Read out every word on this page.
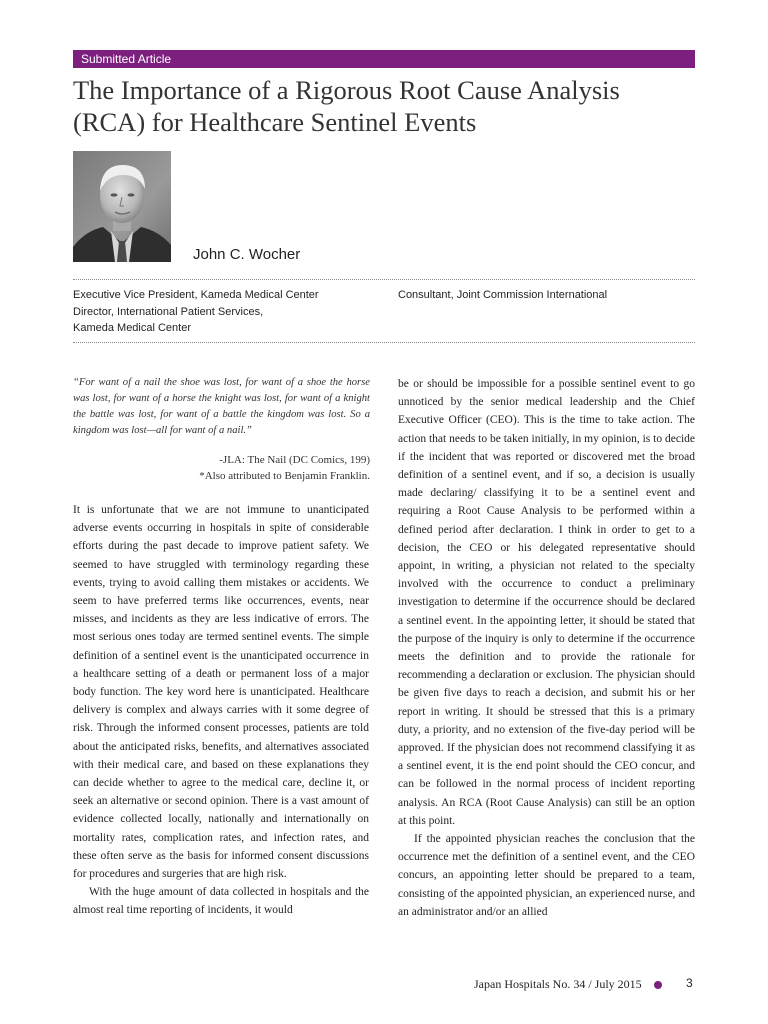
Submitted Article
The Importance of a Rigorous Root Cause Analysis
(RCA) for Healthcare Sentinel Events
John C. Wocher
Executive Vice President, Kameda Medical Center
Director, International Patient Services,
Kameda Medical Center
Consultant, Joint Commission International
“For want of a nail the shoe was lost, for want of a shoe the horse was lost, for want of a horse the knight was lost, for want of a knight the battle was lost, for want of a battle the kingdom was lost. So a kingdom was lost—all for want of a nail.”
-JLA: The Nail (DC Comics, 199)
*Also attributed to Benjamin Franklin.

It is unfortunate that we are not immune to unanticipated adverse events occurring in hospitals in spite of considerable efforts during the past decade to improve patient safety. We seemed to have struggled with terminology regarding these events, trying to avoid calling them mistakes or accidents. We seem to have preferred terms like occurrences, events, near misses, and incidents as they are less indicative of errors. The most serious ones today are termed sentinel events. The simple definition of a sentinel event is the unanticipated occurrence in a healthcare setting of a death or permanent loss of a major body function. The key word here is unanticipated. Healthcare delivery is complex and always carries with it some degree of risk. Through the informed consent processes, patients are told about the anticipated risks, benefits, and alternatives associated with their medical care, and based on these explanations they can decide whether to agree to the medical care, decline it, or seek an alternative or second opinion. There is a vast amount of evidence collected locally, nationally and internationally on mortality rates, complication rates, and infection rates, and these often serve as the basis for informed consent discussions for procedures and surgeries that are high risk.

With the huge amount of data collected in hospitals and the almost real time reporting of incidents, it would

be or should be impossible for a possible sentinel event to go unnoticed by the senior medical leadership and the Chief Executive Officer (CEO). This is the time to take action. The action that needs to be taken initially, in my opinion, is to decide if the incident that was reported or discovered met the broad definition of a sentinel event, and if so, a decision is usually made declaring/ classifying it to be a sentinel event and requiring a Root Cause Analysis to be performed within a defined period after declaration. I think in order to get to a decision, the CEO or his delegated representative should appoint, in writing, a physician not related to the specialty involved with the occurrence to conduct a preliminary investigation to determine if the occurrence should be declared a sentinel event. In the appointing letter, it should be stated that the purpose of the inquiry is only to determine if the occurrence meets the definition and to provide the rationale for recommending a declaration or exclusion. The physician should be given five days to reach a decision, and submit his or her report in writing. It should be stressed that this is a primary duty, a priority, and no extension of the five-day period will be approved. If the physician does not recommend classifying it as a sentinel event, it is the end point should the CEO concur, and can be followed in the normal process of incident reporting analysis. An RCA (Root Cause Analysis) can still be an option at this point.

If the appointed physician reaches the conclusion that the occurrence met the definition of a sentinel event, and the CEO concurs, an appointing letter should be prepared to a team, consisting of the appointed physician, an experienced nurse, and an administrator and/or an allied

Japan Hospitals No. 34 / July 2015	3
